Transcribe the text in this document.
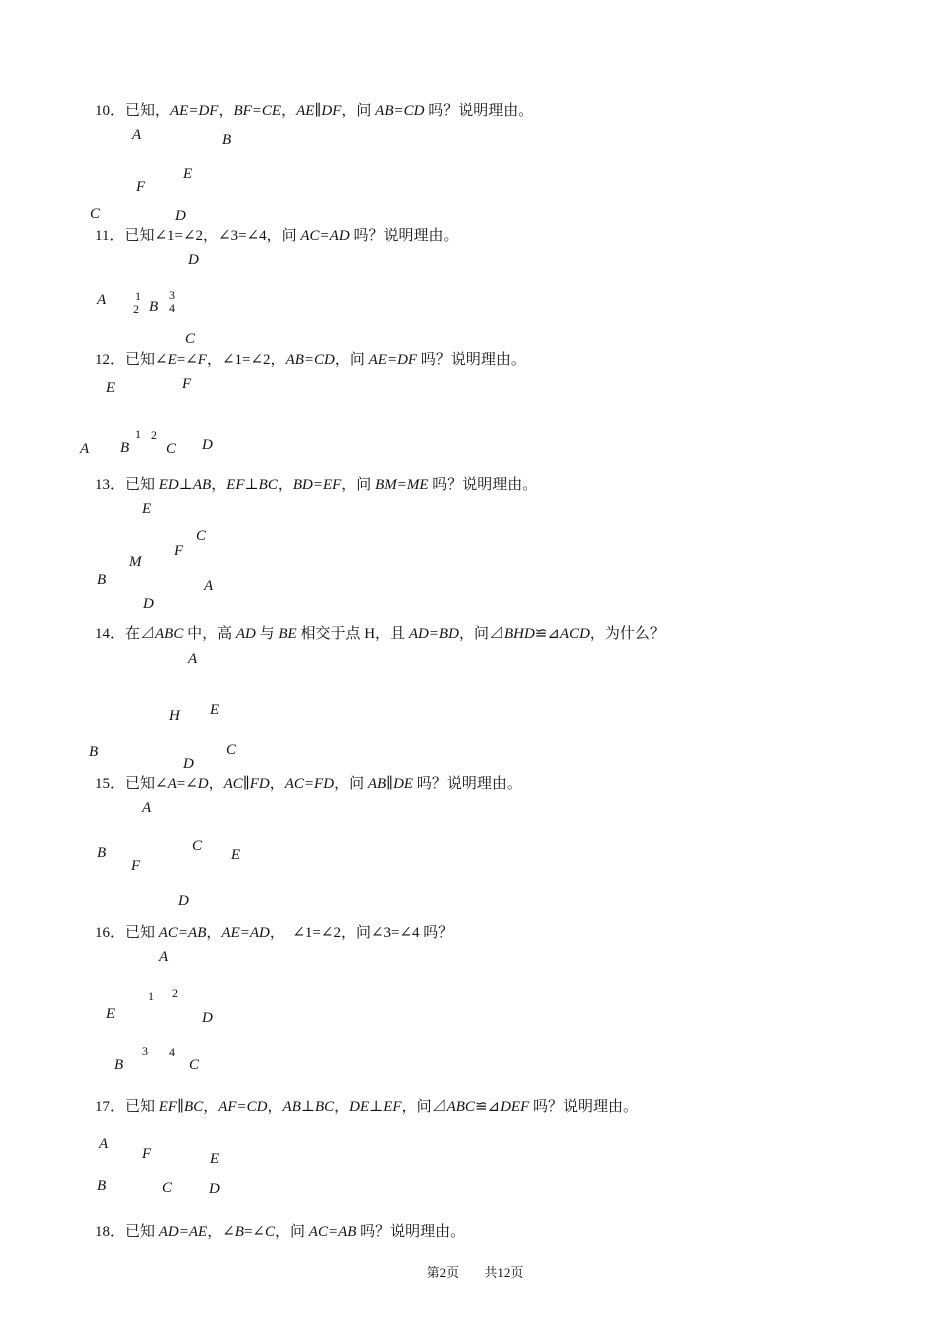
10．已知，AE=DF，BF=CE，AE∥DF，问 AB=CD 吗？说明理由。
11．已知∠1=∠2，∠3=∠4，问 AC=AD 吗？说明理由。
12．已知∠E=∠F，∠1=∠2，AB=CD，问 AE=DF 吗？说明理由。
13．已知 ED⊥AB，EF⊥BC，BD=EF，问 BM=ME 吗？说明理由。
14．在⊿ABC 中，高 AD 与 BE 相交于点 H，且 AD=BD，问⊿BHD≌⊿ACD，为什么？
15．已知∠A=∠D，AC∥FD，AC=FD，问 AB∥DE 吗？说明理由。
16．已知 AC=AB，AE=AD，　∠1=∠2，问∠3=∠4 吗？
17．已知 EF∥BC，AF=CD，AB⊥BC，DE⊥EF，问⊿ABC≌⊿DEF 吗？说明理由。
18．已知 AD=AE，∠B=∠C，问 AC=AB 吗？说明理由。
A	B
E
F
C	D
D
A	B
C
F
E
A B C D
E
C
F
M
B	A
D
A
E
H
C
B
D
A
C
B	E
F
D
A
E	D
B	C
A
F	E
B	C D
1
2
3
4
1 2
1 2
3 4
第2页 共12页
